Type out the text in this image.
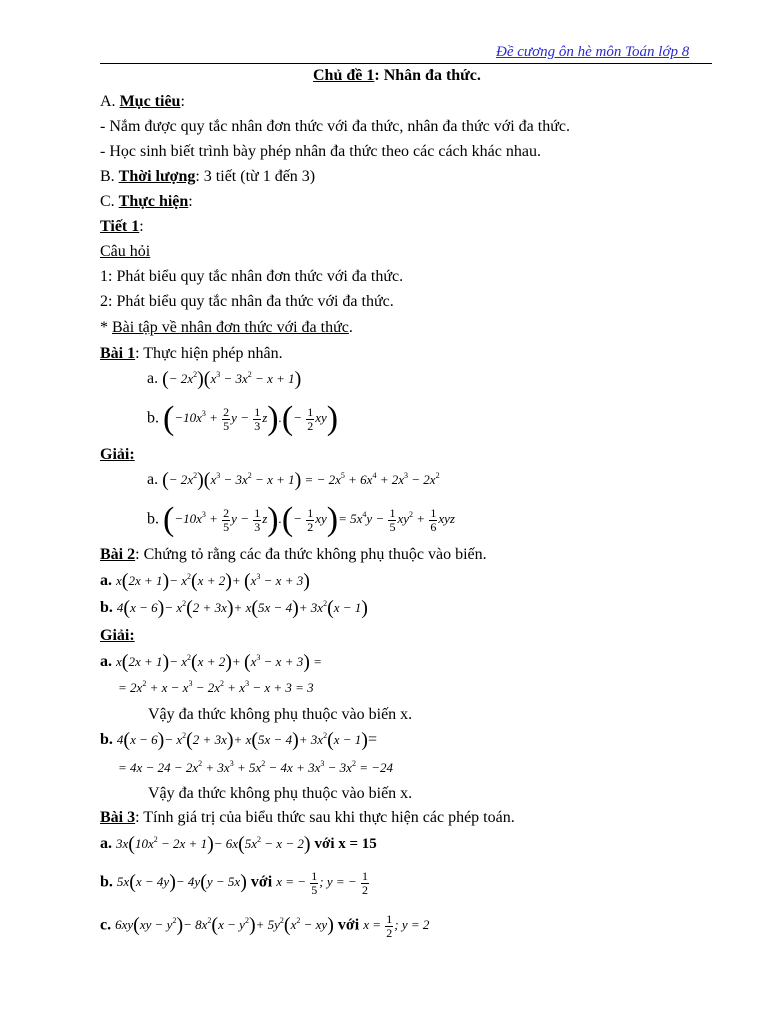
Đề cương ôn hè môn Toán lớp 8
Chủ đề 1: Nhân đa thức.
A. Mục tiêu:
- Nắm được quy tắc nhân đơn thức với đa thức, nhân đa thức với đa thức.
- Học sinh biết trình bày phép nhân đa thức theo các cách khác nhau.
B. Thời lượng: 3 tiết (từ 1 đến 3)
C. Thực hiện:
Tiết 1:
Câu hỏi
1: Phát biểu quy tắc nhân đơn thức với đa thức.
2: Phát biểu quy tắc nhân đa thức với đa thức.
* Bài tập về nhân đơn thức với đa thức.
Bài 1: Thực hiện phép nhân.
a. (− $2x^2)(x^3 - 3x^2 - x + 1)$
b. ($-10x^3 + \frac{2}{5}$ $y - \frac{1}{3} z).(- \frac{1}{2} xy)$
Giải:
a. (− $2x^2)(x^3 - 3x^2 - x + 1)$ = − $2x^5 + 6x^4 + 2x^3 - 2x^2$
b. ($-10x^3 + \frac{2}{5}$ $y - \frac{1}{3} z).(- \frac{1}{2} xy)= 5x^4y - \frac{1}{5} xy^2 + \frac{1}{6}$ xyz
Bài 2: Chứng tỏ rằng các đa thức không phụ thuộc vào biến.
a. $x(2x + 1)- x^2(x + 2)+ (x^3 - x + 3)$
b. $4(x - 6)- x^2(2 + 3x)+ x(5x - 4)+ 3x^2(x - 1)$
Giải:
a. $x(2x + 1)- x^2(x + 2)+ (x^3 - x + 3)$ =
= $2x^2 + x - x^3 - 2x^2 + x^3 - x + 3 = 3$
Vậy đa thức không phụ thuộc vào biến x.
b. $4(x - 6)- x^2(2 + 3x)+ x(5x - 4)+ 3x^2(x - 1)=$
= $4x - 24 - 2x^2 + 3x^3 + 5x^2 - 4x + 3x^3 - 3x^2 = -24$
Vậy đa thức không phụ thuộc vào biến x.
Bài 3: Tính giá trị của biểu thức sau khi thực hiện các phép toán.
a. $3x(10x^2 - 2x + 1)- 6x(5x^2 - x - 2)$ với x = 15
b. 5x(x − 4y)− 4y(y − 5x) với x = − $\frac{1}{5}$ ; y = − $\frac{1}{2}$
c. $6xy(xy - y^2)- 8x^2(x - y^2)+ 5y^2(x^2 - xy)$ với $x = \frac{1}{2}$ ; y = 2
